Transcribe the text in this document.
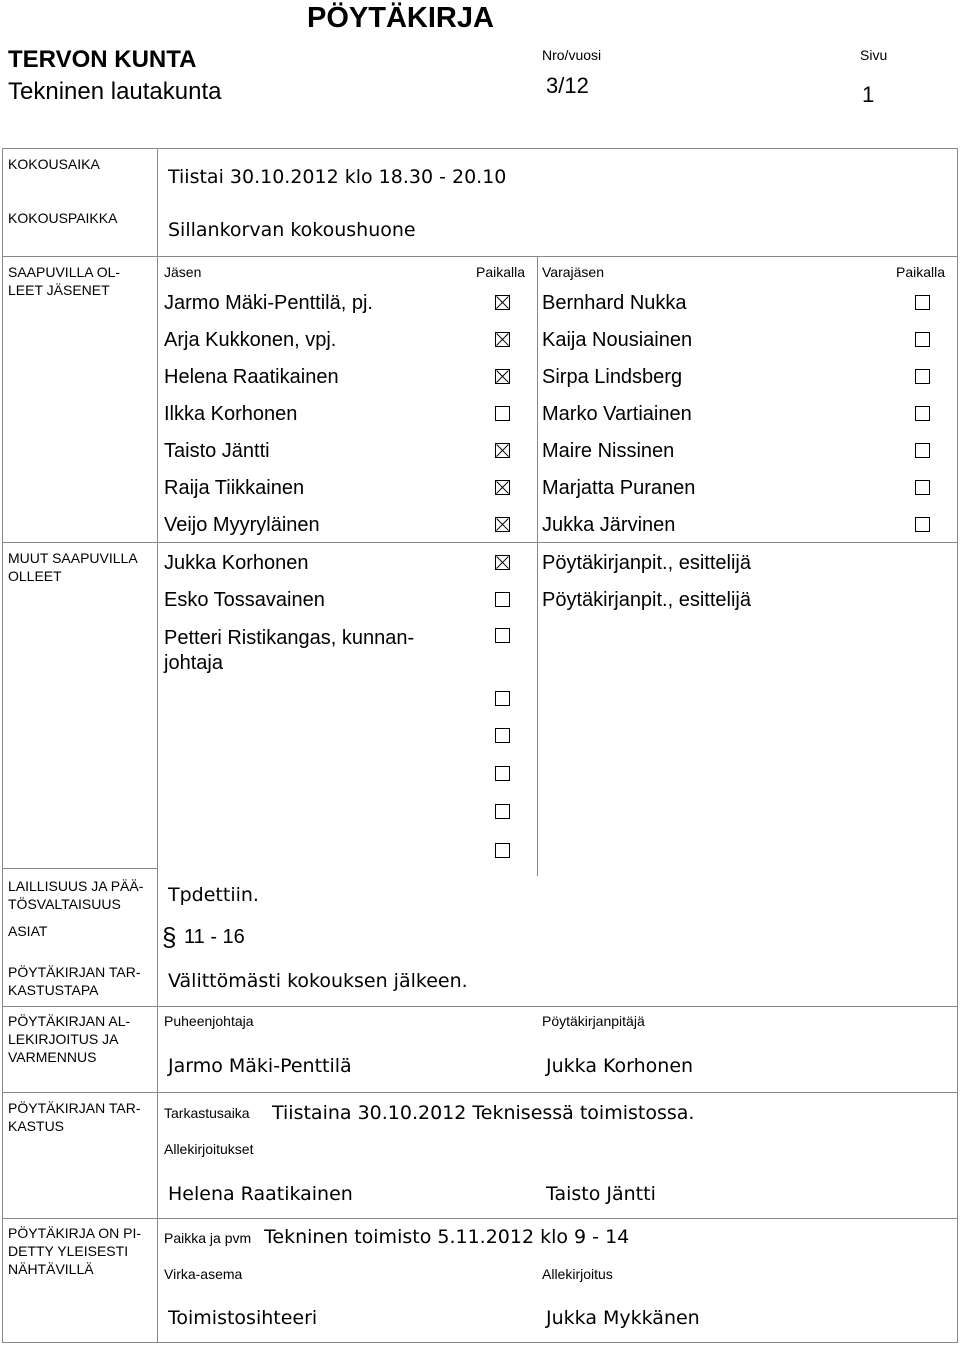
PÖYTÄKIRJA
TERVON KUNTA
Tekninen lautakunta
Nro/vuosi
3/12
Sivu
1
KOKOUSAIKA
Tiistai 30.10.2012 klo 18.30 - 20.10
KOKOUSPAIKKA
Sillankorvan kokoushuone
SAAPUVILLA OL-
LEET JÄSENET
Jäsen	Paikalla Varajäsen	Paikalla
Jarmo Mäki-Penttilä, pj.	Bernhard Nukka
Arja Kukkonen, vpj.	Kaija Nousiainen
Helena Raatikainen	Sirpa Lindsberg
Ilkka Korhonen	Marko Vartiainen
Taisto Jäntti	Maire Nissinen
Raija Tiikkainen	Marjatta Puranen
Veijo Myyryläinen	Jukka Järvinen
MUUT SAAPUVILLA
OLLEET
Jukka Korhonen	Pöytäkirjanpit., esittelijä
Esko Tossavainen	Pöytäkirjanpit., esittelijä
Petteri Ristikangas, kunnan-
johtaja
LAILLISUUS JA PÄÄ-
TÖSVALTAISUUS	Tpdettiin.
ASIAT	§ 11 - 16
PÖYTÄKIRJAN TAR-
KASTUSTAPA	Välittömästi kokouksen jälkeen.
PÖYTÄKIRJAN AL-
LEKIRJOITUS JA
VARMENNUS
Puheenjohtaja
Jarmo Mäki-Penttilä
Pöytäkirjanpitäjä
Jukka Korhonen
PÖYTÄKIRJAN TAR-
KASTUS
Tarkastusaika Tiistaina 30.10.2012 Teknisessä toimistossa.
Allekirjoitukset
Helena Raatikainen	Taisto Jäntti
PÖYTÄKIRJA ON PI-
DETTY YLEISESTI
NÄHTÄVILLÄ
Paikka ja pvm Tekninen toimisto 5.11.2012 klo 9 - 14
Virka-asema
Toimistosihteeri
Allekirjoitus
Jukka Mykkänen
